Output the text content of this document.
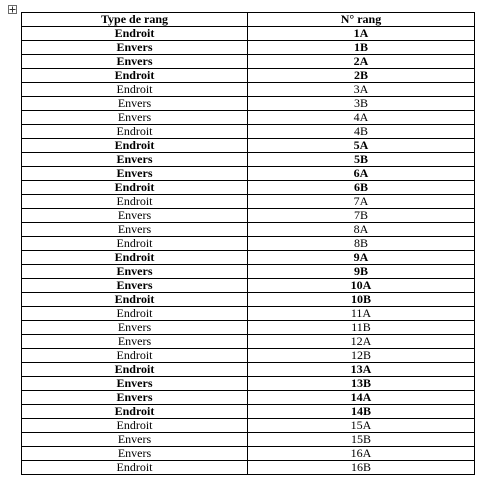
Type de rang	N° rang
Endroit	1A
Envers	1B
Envers	2A
Endroit	2B
Endroit	3A
Envers	3B
Envers	4A
Endroit	4B
Endroit	5A
Envers	5B
Envers	6A
Endroit	6B
Endroit	7A
Envers	7B
Envers	8A
Endroit	8B
Endroit	9A
Envers	9B
Envers	10A
Endroit	10B
Endroit	11A
Envers	11B
Envers	12A
Endroit	12B
Endroit	13A
Envers	13B
Envers	14A
Endroit	14B
Endroit	15A
Envers	15B
Envers	16A
Endroit	16B
